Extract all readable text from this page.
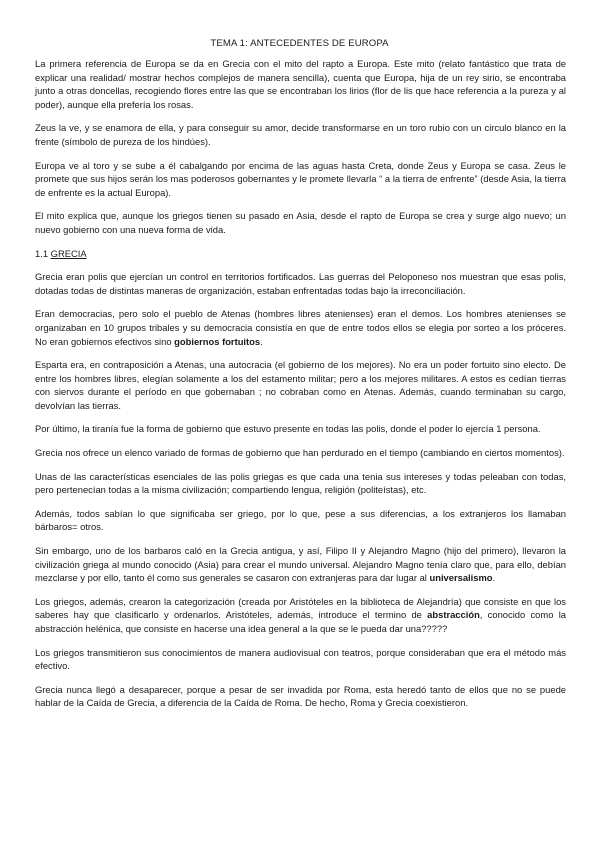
TEMA 1: ANTECEDENTES DE EUROPA

La primera referencia de Europa se da en Grecia con el mito del rapto a Europa. Este mito (relato fantástico que trata de explicar una realidad/ mostrar hechos complejos de manera sencilla), cuenta que Europa, hija de un rey sirio, se encontraba junto a otras doncellas, recogiendo flores entre las que se encontraban los lirios (flor de lis que hace referencia a la pureza y al poder), aunque ella prefería los rosas.

Zeus la ve, y se enamora de ella, y para conseguir su amor, decide transformarse en un toro rubio con un circulo blanco en la frente (símbolo de pureza de los hindúes).

Europa ve al toro y se sube a él cabalgando por encima de las aguas hasta Creta, donde Zeus y Europa se casa. Zeus le promete que sus hijos serán los mas poderosos gobernantes y le promete llevarla “ a la tierra de enfrente” (desde Asia, la tierra de enfrente es la actual Europa).

El mito explica que, aunque los griegos tienen su pasado en Asia, desde el rapto de Europa se crea y surge algo nuevo; un nuevo gobierno con una nueva forma de vida.

1.1 GRECIA

Grecia eran polis que ejercían un control en territorios fortificados. Las guerras del Peloponeso nos muestran que esas polis, dotadas todas de distintas maneras de organización, estaban enfrentadas todas bajo la irreconciliación.

Eran democracias, pero solo el pueblo de Atenas (hombres libres atenienses) eran el demos. Los hombres atenienses se organizaban en 10 grupos tribales y su democracia consistía en que de entre todos ellos se elegia por sorteo a los próceres. No eran gobiernos efectivos sino gobiernos fortuitos.

Esparta era, en contraposición a Atenas, una autocracia (el gobierno de los mejores). No era un poder fortuito sino electo. De entre los hombres libres, elegían solamente a los del estamento militar; pero a los mejores militares. A estos es cedían tierras con siervos durante el período en que gobernaban ; no cobraban como en Atenas. Además, cuando terminaban su cargo, devolvían las tierras.

Por último, la tiranía fue la forma de gobierno que estuvo presente en todas las polis, donde el poder lo ejercía 1 persona.

Grecia nos ofrece un elenco variado de formas de gobierno que han perdurado en el tiempo (cambiando en ciertos momentos).

Unas de las características esenciales de las polis griegas es que cada una tenia sus intereses y todas peleaban con todas, pero pertenecían todas a la misma civilización; compartiendo lengua, religión (politeístas), etc.

Además, todos sabían lo que significaba ser griego, por lo que, pese a sus diferencias, a los extranjeros los llamaban bárbaros= otros.

Sin embargo, uno de los barbaros caló en la Grecia antigua, y así, Filipo II y Alejandro Magno (hijo del primero), llevaron la civilización griega al mundo conocido (Asia) para crear el mundo universal. Alejandro Magno tenía claro que, para ello, debían mezclarse y por ello, tanto él como sus generales se casaron con extranjeras para dar lugar al universalismo.

Los griegos, además, crearon la categorización (creada por Aristóteles en la biblioteca de Alejandría) que consiste en que los saberes hay que clasificarlo y ordenarlos. Aristóteles, además, introduce el termino de abstracción, conocido como la abstracción helénica, que consiste en hacerse una idea general a la que se le pueda dar una?????

Los griegos transmitieron sus conocimientos de manera audiovisual con teatros, porque consideraban que era el método más efectivo.

Grecia nunca llegó a desaparecer, porque a pesar de ser invadida por Roma, esta heredó tanto de ellos que no se puede hablar de la Caída de Grecia, a diferencia de la Caída de Roma. De hecho, Roma y Grecia coexistieron.
